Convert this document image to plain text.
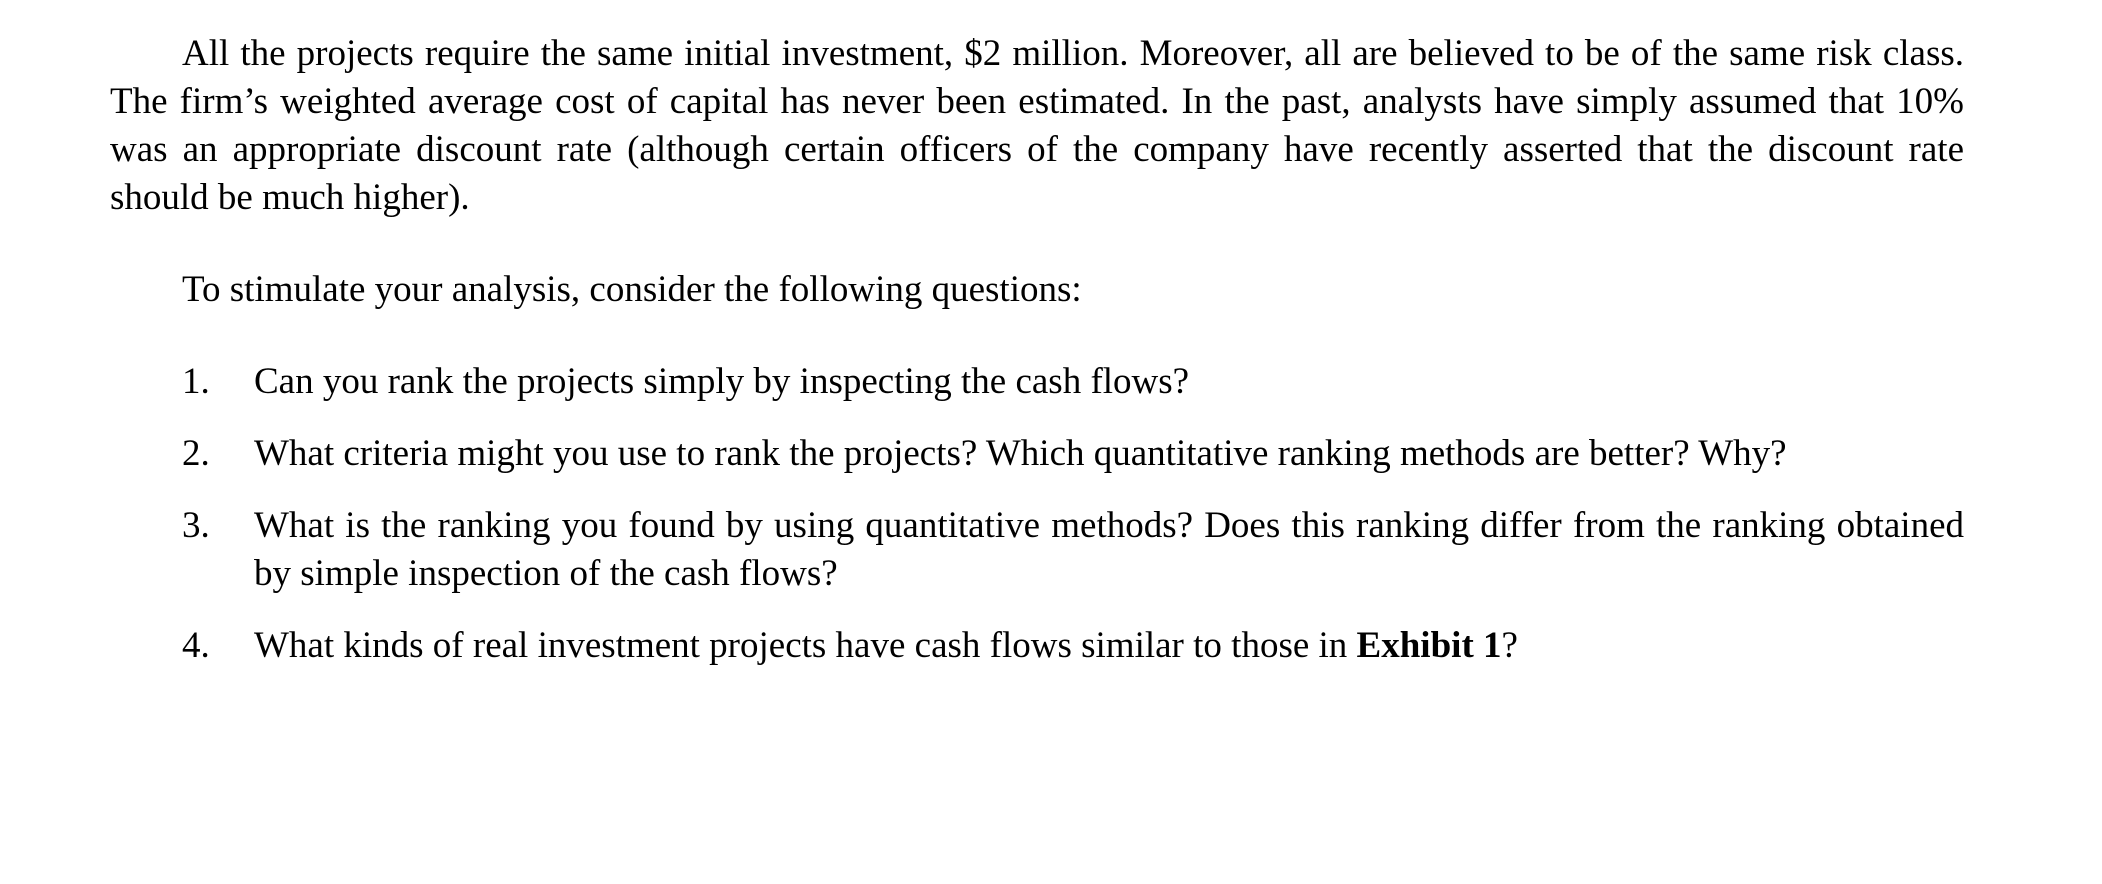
All the projects require the same initial investment, $2 million. Moreover, all are believed to be of the same risk class. The firm’s weighted average cost of capital has never been estimated. In the past, analysts have simply assumed that 10% was an appropriate discount rate (although certain officers of the company have recently asserted that the discount rate should be much higher).

To stimulate your analysis, consider the following questions:

1. Can you rank the projects simply by inspecting the cash flows?
2. What criteria might you use to rank the projects? Which quantitative ranking methods are better? Why?
3. What is the ranking you found by using quantitative methods? Does this ranking differ from the ranking obtained by simple inspection of the cash flows?
4. What kinds of real investment projects have cash flows similar to those in Exhibit 1?
